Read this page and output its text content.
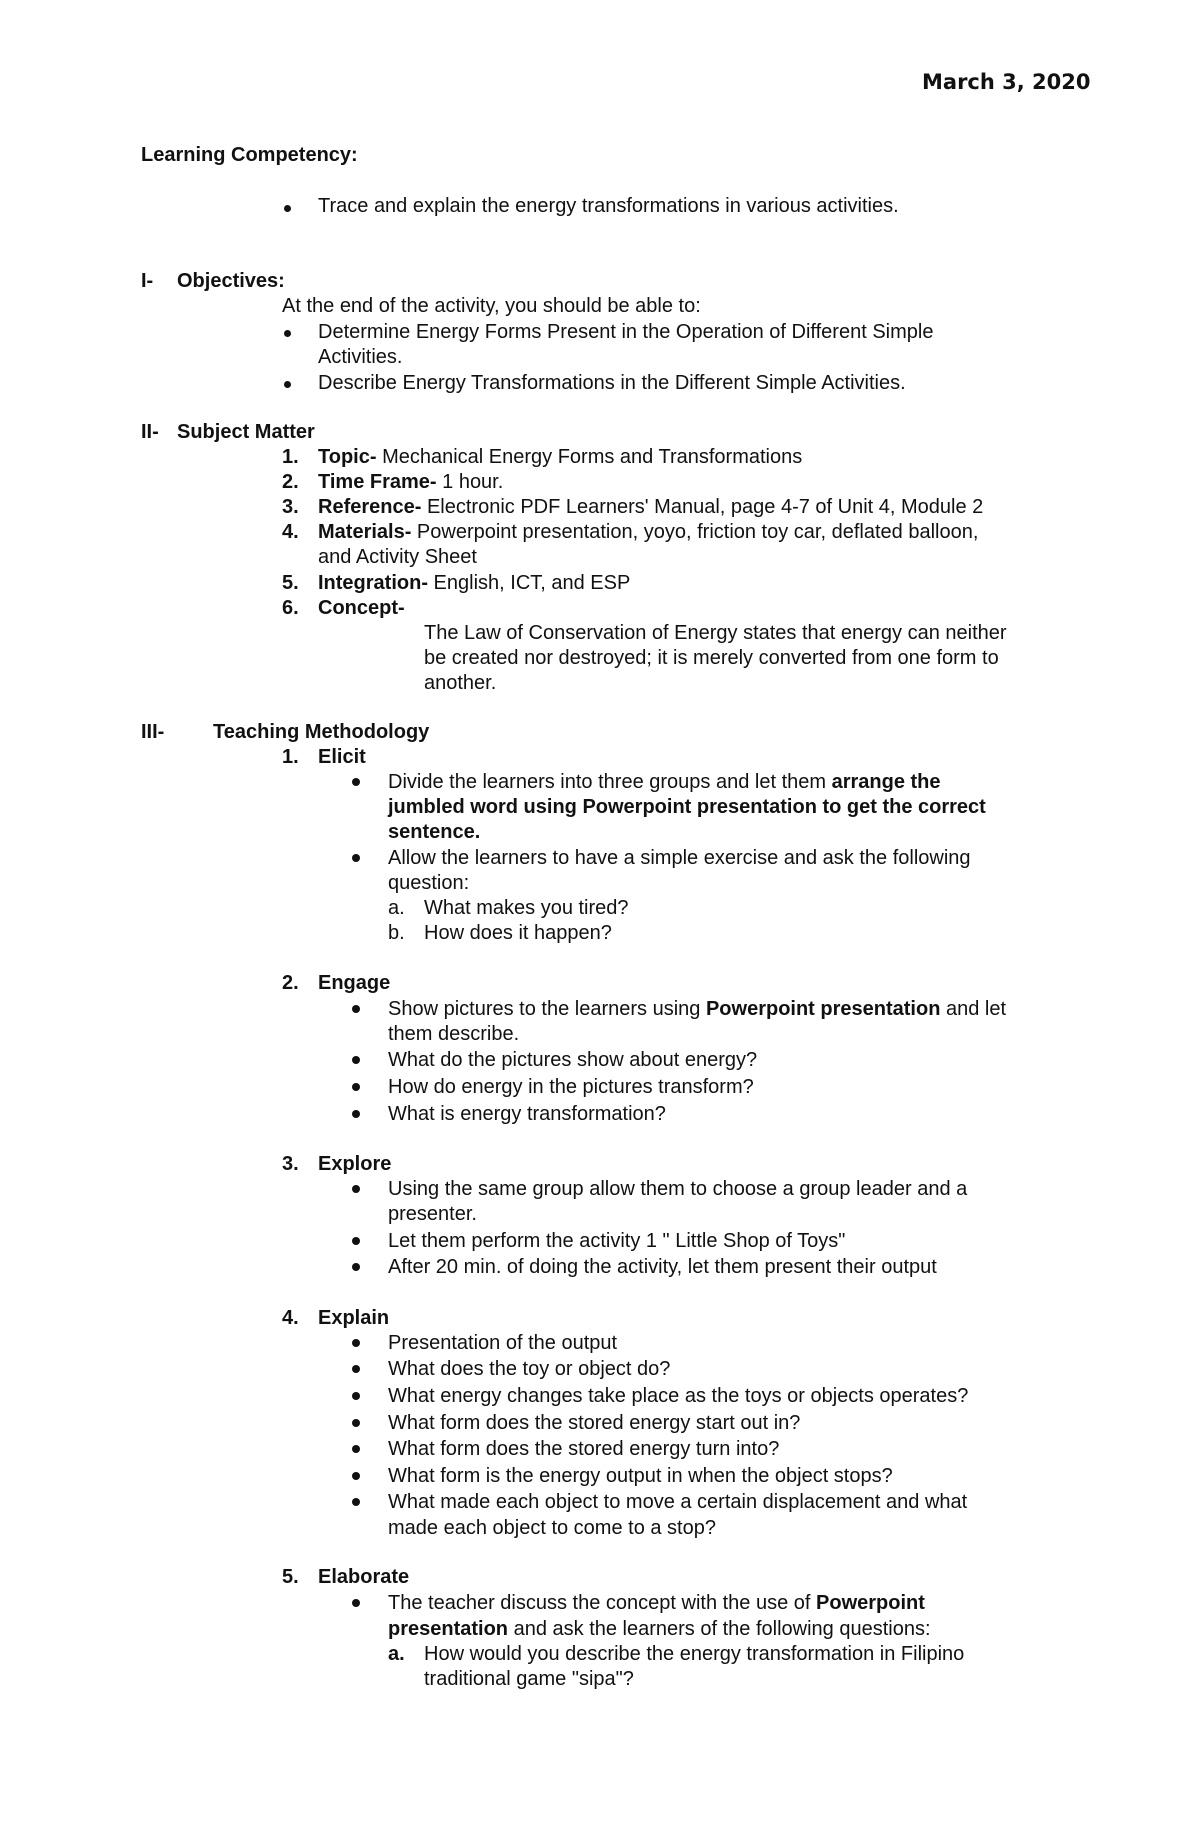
March 3, 2020
Learning Competency:
Trace and explain the energy transformations in various activities.
I- Objectives:
At the end of the activity, you should be able to:
Determine Energy Forms Present in the Operation of Different Simple
Activities.
Describe Energy Transformations in the Different Simple Activities.
II- Subject Matter
1. Topic- Mechanical Energy Forms and Transformations
2. Time Frame- 1 hour.
3. Reference- Electronic PDF Learners' Manual, page 4-7 of Unit 4, Module 2
4. Materials- Powerpoint presentation, yoyo, friction toy car, deflated balloon,
and Activity Sheet
5. Integration- English, ICT, and ESP
6. Concept-
The Law of Conservation of Energy states that energy can neither
be created nor destroyed; it is merely converted from one form to
another.
III- Teaching Methodology
1. Elicit
Divide the learners into three groups and let them arrange the
jumbled word using Powerpoint presentation to get the correct
sentence.
Allow the learners to have a simple exercise and ask the following
question:
a. What makes you tired?
b. How does it happen?
2. Engage
Show pictures to the learners using Powerpoint presentation and let
them describe.
What do the pictures show about energy?
How do energy in the pictures transform?
What is energy transformation?
3. Explore
Using the same group allow them to choose a group leader and a
presenter.
Let them perform the activity 1 " Little Shop of Toys"
After 20 min. of doing the activity, let them present their output
4. Explain
Presentation of the output
What does the toy or object do?
What energy changes take place as the toys or objects operates?
What form does the stored energy start out in?
What form does the stored energy turn into?
What form is the energy output in when the object stops?
What made each object to move a certain displacement and what
made each object to come to a stop?
5. Elaborate
The teacher discuss the concept with the use of Powerpoint
presentation and ask the learners of the following questions:
a. How would you describe the energy transformation in Filipino
traditional game "sipa"?
